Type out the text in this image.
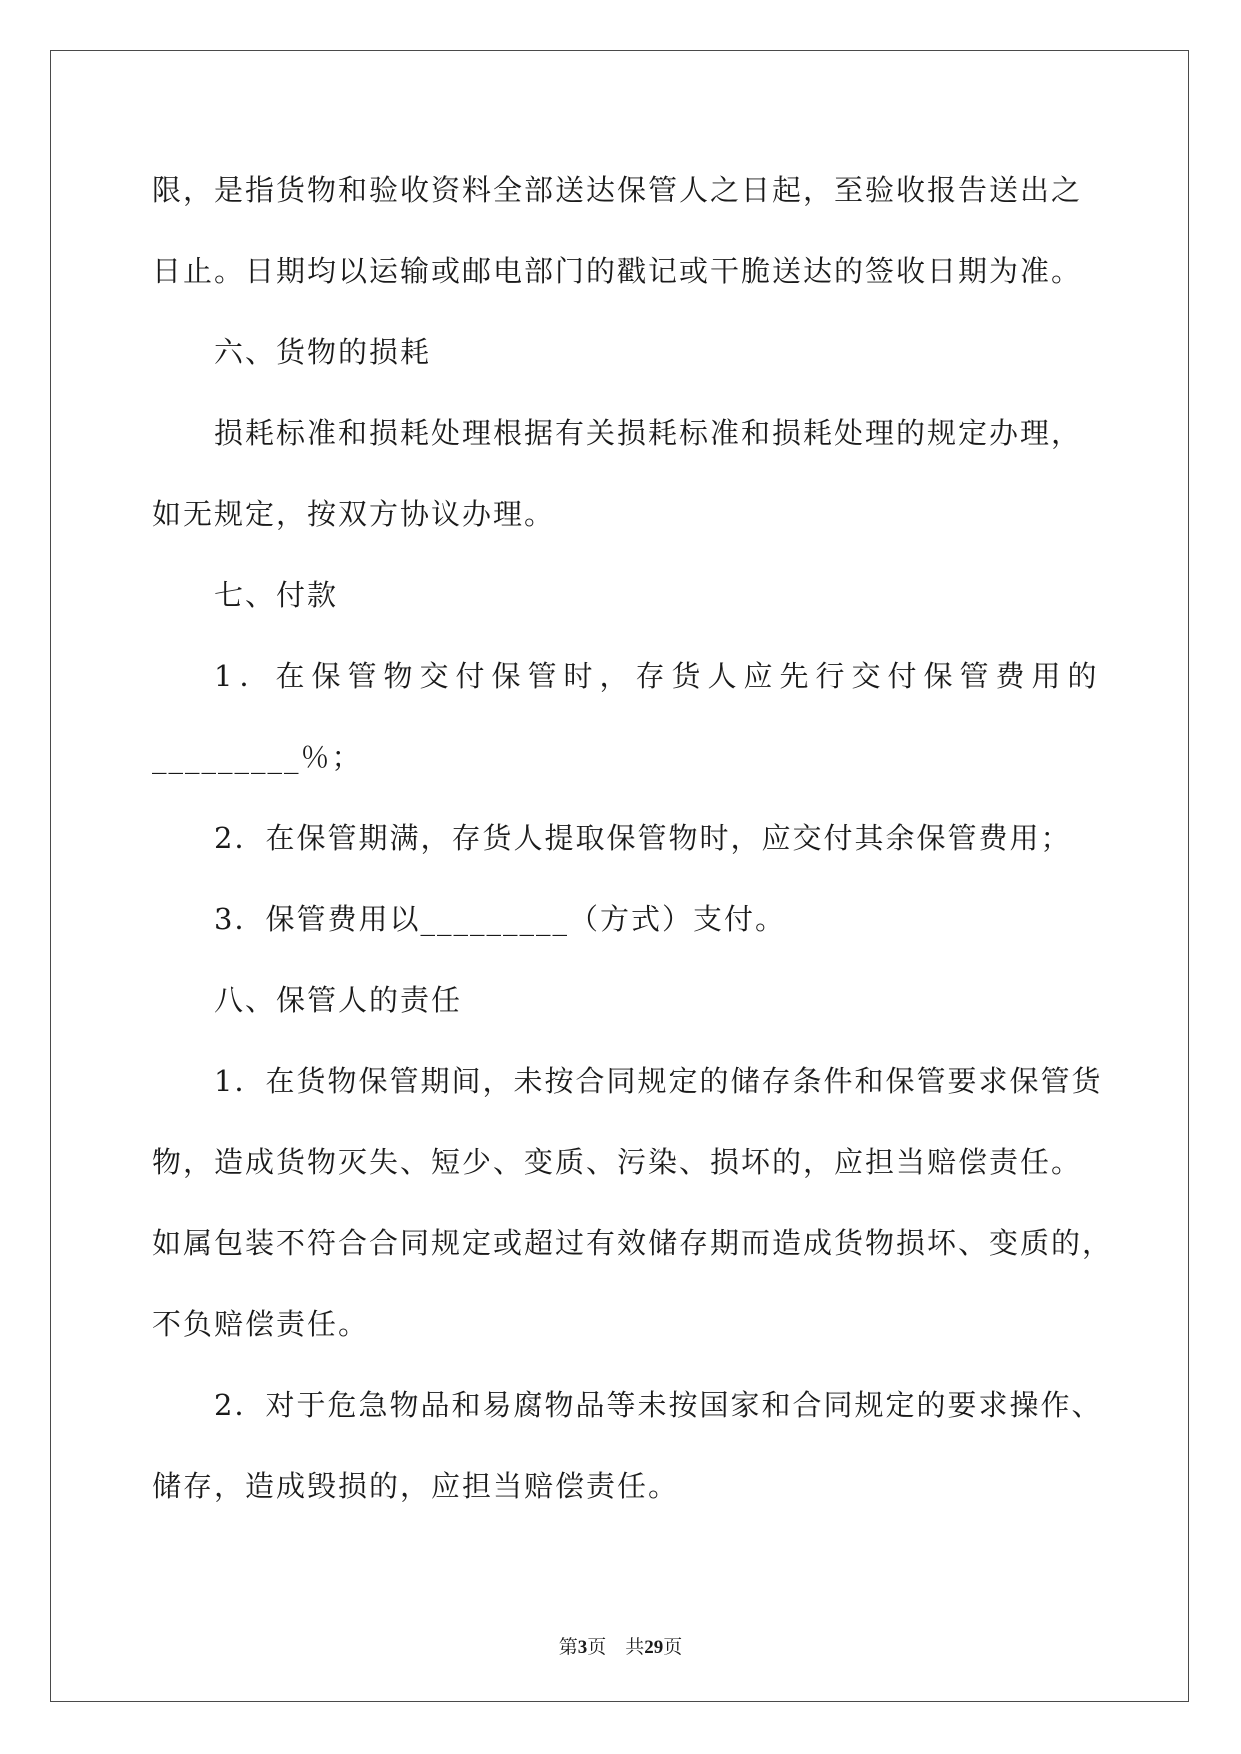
限，是指货物和验收资料全部送达保管人之日起，至验收报告送出之
日止。日期均以运输或邮电部门的戳记或干脆送达的签收日期为准。
六、货物的损耗
损耗标准和损耗处理根据有关损耗标准和损耗处理的规定办理，
如无规定，按双方协议办理。
七、付款
1．在保管物交付保管时，存货人应先行交付保管费用的
_________％；
2．在保管期满，存货人提取保管物时，应交付其余保管费用；
3．保管费用以_________（方式）支付。
八、保管人的责任
1．在货物保管期间，未按合同规定的储存条件和保管要求保管货
物，造成货物灭失、短少、变质、污染、损坏的，应担当赔偿责任。
如属包装不符合合同规定或超过有效储存期而造成货物损坏、变质的，
不负赔偿责任。
2．对于危急物品和易腐物品等未按国家和合同规定的要求操作、
储存，造成毁损的，应担当赔偿责任。
第3页 共29页
